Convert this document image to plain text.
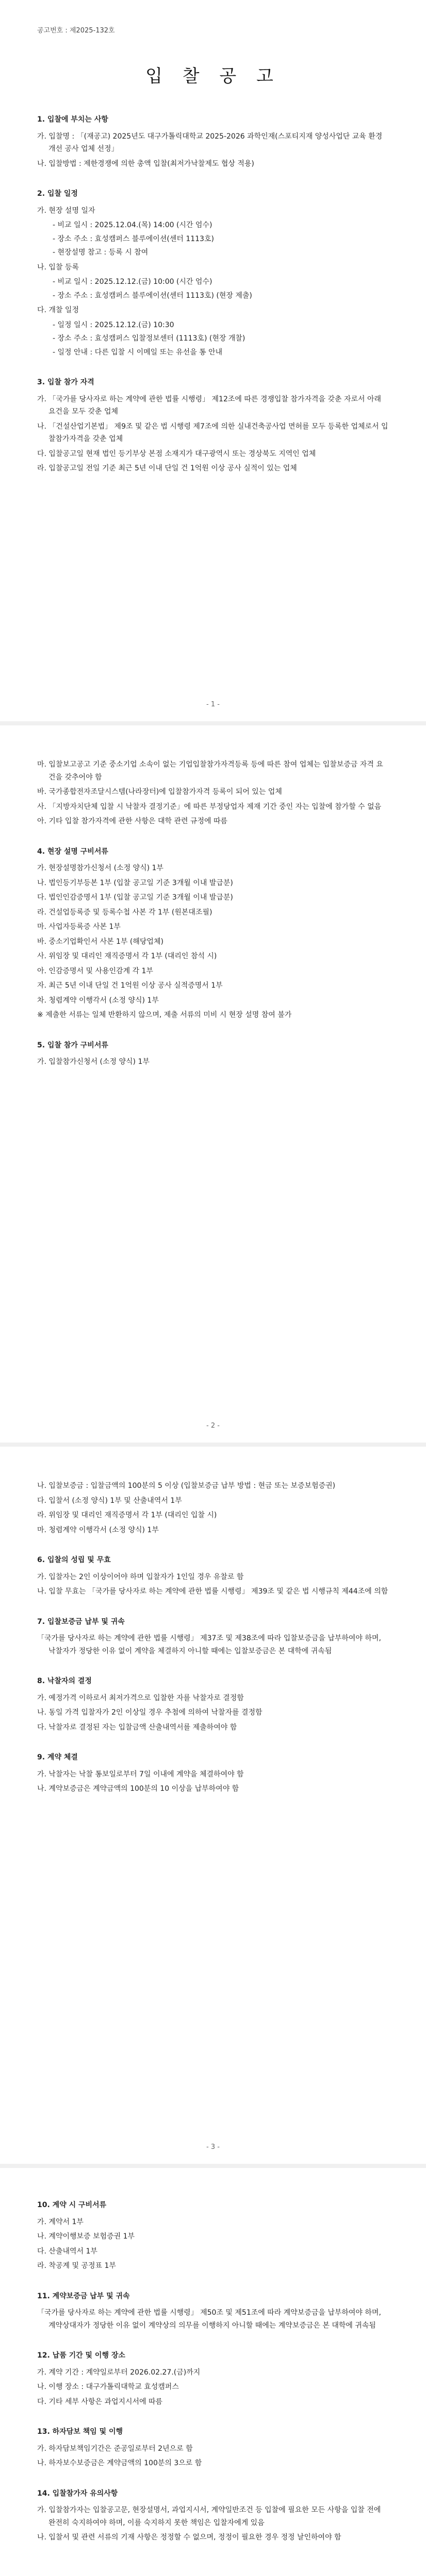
공고번호 : 제2025-132호
입 찰 공 고
1. 입찰에 부치는 사항
가. 입찰명 : 「(재공고) 2025년도 대구가톨릭대학교 2025-2026 과학인재(스포티지재 양성사업단 교육 환경 개선 공사 업체 선정」
나. 입찰방법 : 제한경쟁에 의한 총액 입찰(최저가낙찰제도 협상 적용)
2. 입찰 일정
가. 현장 설명 일자
- 비교 일시 : 2025.12.04.(목) 14:00 (시간 엄수)
- 장소 주소 : 효성캠퍼스 블루에이션(센터 1113호)
- 현장설명 참고 : 등록 시 참여
나. 입찰 등록
- 비교 일시 : 2025.12.12.(금) 10:00 (시간 엄수)
- 장소 주소 : 효성캠퍼스 블루에이션(센터 1113호) (현장 제출)
다. 개찰 일정
- 일정 일시 : 2025.12.12.(금) 10:30
- 장소 주소 : 효성캠퍼스 입찰정보센터 (1113호) (현장 개찰)
- 일정 안내 : 다른 입찰 시 이메일 또는 유선을 통 안내
3. 입찰 참가 자격
가. 「국가를 당사자로 하는 계약에 관한 법률 시행령」 제12조에 따른 경쟁입찰 참가자격을 갖춘 자로서 아래 요건을 모두 갖춘 업체
나. 「건설산업기본법」 제9조 및 같은 법 시행령 제7조에 의한 실내건축공사업 면허를 모두 등록한 업체로서 입찰참가자격을 갖춘 업체
다. 입찰공고일 현재 법인 등기부상 본점 소재지가 대구광역시 또는 경상북도 지역인 업체
라. 입찰공고일 전일 기준 최근 5년 이내 단일 건 1억원 이상 공사 실적이 있는 업체
- 1 -
마. 입찰보고공고 기준 중소기업 소속이 없는 기업입찰참가자격등록 등에 따른 참여 업체는 입찰보증금 자격 요건을 갖추어야 함
바. 국가종합전자조달시스템(나라장터)에 입찰참가자격 등록이 되어 있는 업체
사. 「지방자치단체 입찰 시 낙찰자 결정기준」에 따른 부정당업자 제재 기간 중인 자는 입찰에 참가할 수 없음
아. 기타 입찰 참가자격에 관한 사항은 대학 관련 규정에 따름
4. 현장 설명 구비서류
가. 현장설명참가신청서 (소정 양식) 1부
나. 법인등기부등본 1부 (입찰 공고일 기준 3개월 이내 발급분)
다. 법인인감증명서 1부 (입찰 공고일 기준 3개월 이내 발급분)
라. 건설업등록증 및 등록수첩 사본 각 1부 (원본대조필)
마. 사업자등록증 사본 1부
바. 중소기업확인서 사본 1부 (해당업체)
사. 위임장 및 대리인 재직증명서 각 1부 (대리인 참석 시)
아. 인감증명서 및 사용인감계 각 1부
자. 최근 5년 이내 단일 건 1억원 이상 공사 실적증명서 1부
차. 청렴계약 이행각서 (소정 양식) 1부
※ 제출한 서류는 일체 반환하지 않으며, 제출 서류의 미비 시 현장 설명 참여 불가
5. 입찰 참가 구비서류
가. 입찰참가신청서 (소정 양식) 1부
- 2 -
나. 입찰보증금 : 입찰금액의 100분의 5 이상 (입찰보증금 납부 방법 : 현금 또는 보증보험증권)
다. 입찰서 (소정 양식) 1부 및 산출내역서 1부
라. 위임장 및 대리인 재직증명서 각 1부 (대리인 입찰 시)
마. 청렴계약 이행각서 (소정 양식) 1부
6. 입찰의 성립 및 무효
가. 입찰자는 2인 이상이어야 하며 입찰자가 1인일 경우 유찰로 함
나. 입찰 무효는 「국가를 당사자로 하는 계약에 관한 법률 시행령」 제39조 및 같은 법 시행규칙 제44조에 의함
7. 입찰보증금 납부 및 귀속
「국가를 당사자로 하는 계약에 관한 법률 시행령」 제37조 및 제38조에 따라 입찰보증금을 납부하여야 하며, 낙찰자가 정당한 이유 없이 계약을 체결하지 아니할 때에는 입찰보증금은 본 대학에 귀속됨
8. 낙찰자의 결정
가. 예정가격 이하로서 최저가격으로 입찰한 자를 낙찰자로 결정함
나. 동일 가격 입찰자가 2인 이상일 경우 추첨에 의하여 낙찰자를 결정함
다. 낙찰자로 결정된 자는 입찰금액 산출내역서를 제출하여야 함
9. 계약 체결
가. 낙찰자는 낙찰 통보일로부터 7일 이내에 계약을 체결하여야 함
나. 계약보증금은 계약금액의 100분의 10 이상을 납부하여야 함
- 3 -
10. 계약 시 구비서류
가. 계약서 1부
나. 계약이행보증 보험증권 1부
다. 산출내역서 1부
라. 착공계 및 공정표 1부
11. 계약보증금 납부 및 귀속
「국가를 당사자로 하는 계약에 관한 법률 시행령」 제50조 및 제51조에 따라 계약보증금을 납부하여야 하며, 계약상대자가 정당한 이유 없이 계약상의 의무를 이행하지 아니할 때에는 계약보증금은 본 대학에 귀속됨
12. 납품 기간 및 이행 장소
가. 계약 기간 : 계약일로부터 2026.02.27.(금)까지
나. 이행 장소 : 대구가톨릭대학교 효성캠퍼스
다. 기타 세부 사항은 과업지시서에 따름
13. 하자담보 책임 및 이행
가. 하자담보책임기간은 준공일로부터 2년으로 함
나. 하자보수보증금은 계약금액의 100분의 3으로 함
14. 입찰참가자 유의사항
가. 입찰참가자는 입찰공고문, 현장설명서, 과업지시서, 계약일반조건 등 입찰에 필요한 모든 사항을 입찰 전에 완전히 숙지하여야 하며, 이를 숙지하지 못한 책임은 입찰자에게 있음
나. 입찰서 및 관련 서류의 기재 사항은 정정할 수 없으며, 정정이 필요한 경우 정정 날인하여야 함
